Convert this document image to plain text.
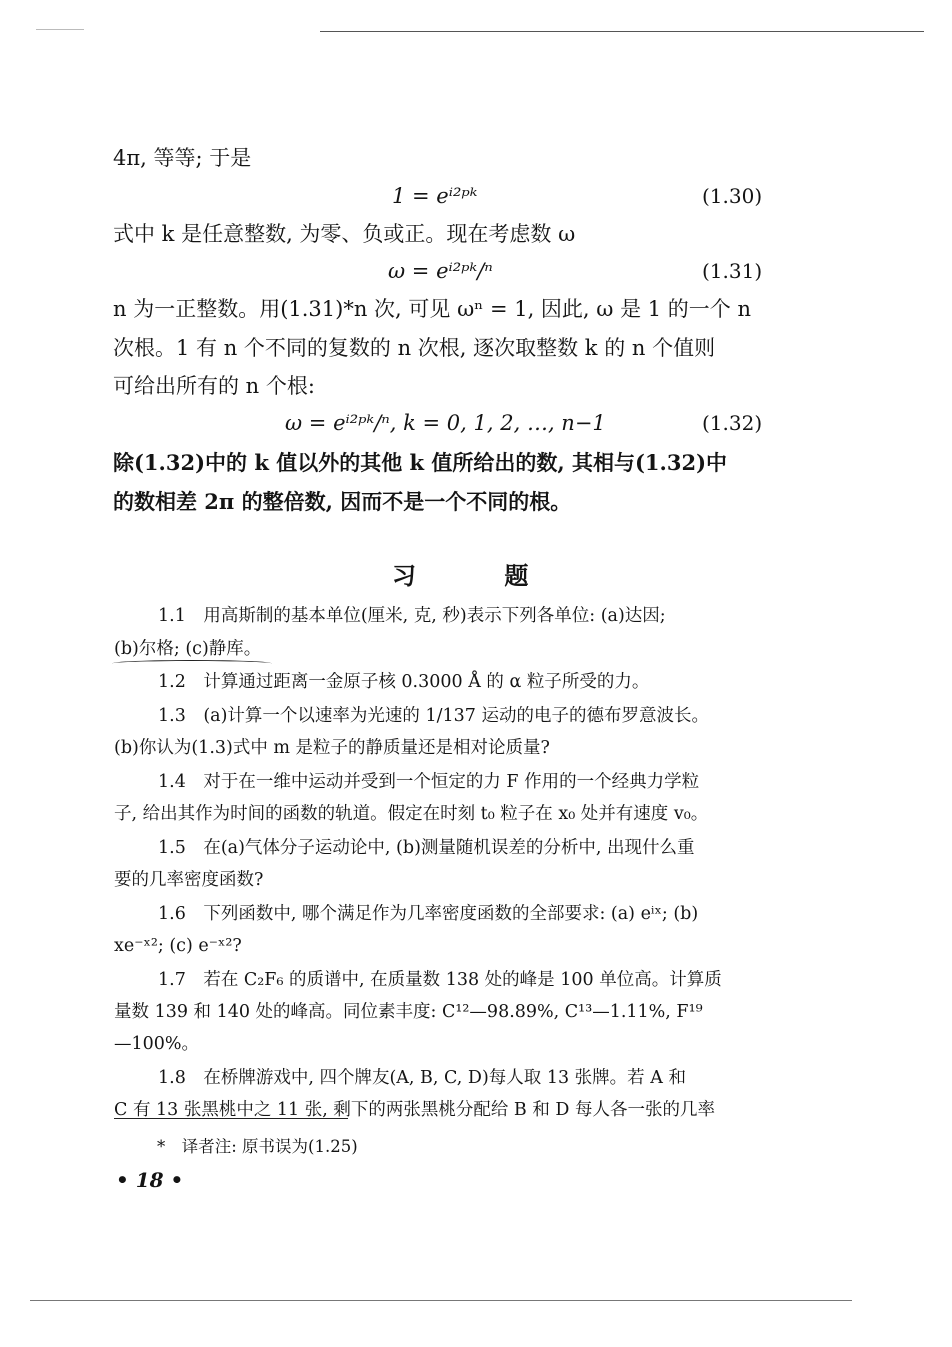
4π, 等等; 于是
1 = eⁱ²ᵖᵏ	(1.30)
式中 k 是任意整数, 为零、负或正。现在考虑数 ω
ω = eⁱ²ᵖᵏ/ⁿ	(1.31)
n 为一正整数。用(1.31)*n 次, 可见 ωⁿ = 1, 因此, ω 是 1 的一个 n
次根。1 有 n 个不同的复数的 n 次根, 逐次取整数 k 的 n 个值则
可给出所有的 n 个根:
ω = eⁱ²ᵖᵏ/ⁿ, k = 0, 1, 2, …, n−1	(1.32)
除(1.32)中的 k 值以外的其他 k 值所给出的数, 其相与(1.32)中
的数相差 2π 的整倍数, 因而不是一个不同的根。
习 题
1.1　用高斯制的基本单位(厘米, 克, 秒)表示下列各单位: (a)达因;
(b)尔格; (c)静库。
1.2　计算通过距离一金原子核 0.3000 Å 的 α 粒子所受的力。
1.3　(a)计算一个以速率为光速的 1/137 运动的电子的德布罗意波长。
(b)你认为(1.3)式中 m 是粒子的静质量还是相对论质量?
1.4　对于在一维中运动并受到一个恒定的力 F 作用的一个经典力学粒
子, 给出其作为时间的函数的轨道。假定在时刻 t₀ 粒子在 x₀ 处并有速度 v₀。
1.5　在(a)气体分子运动论中, (b)测量随机误差的分析中, 出现什么重
要的几率密度函数?
1.6　下列函数中, 哪个满足作为几率密度函数的全部要求: (a) eⁱˣ; (b)
xe⁻ˣ²; (c) e⁻ˣ²?
1.7　若在 C₂F₆ 的质谱中, 在质量数 138 处的峰是 100 单位高。计算质
量数 139 和 140 处的峰高。同位素丰度: C¹²—98.89%, C¹³—1.11%, F¹⁹
—100%。
1.8　在桥牌游戏中, 四个牌友(A, B, C, D)每人取 13 张牌。若 A 和
C 有 13 张黑桃中之 11 张, 剩下的两张黑桃分配给 B 和 D 每人各一张的几率
*　译者注: 原书误为(1.25)
• 18 •
